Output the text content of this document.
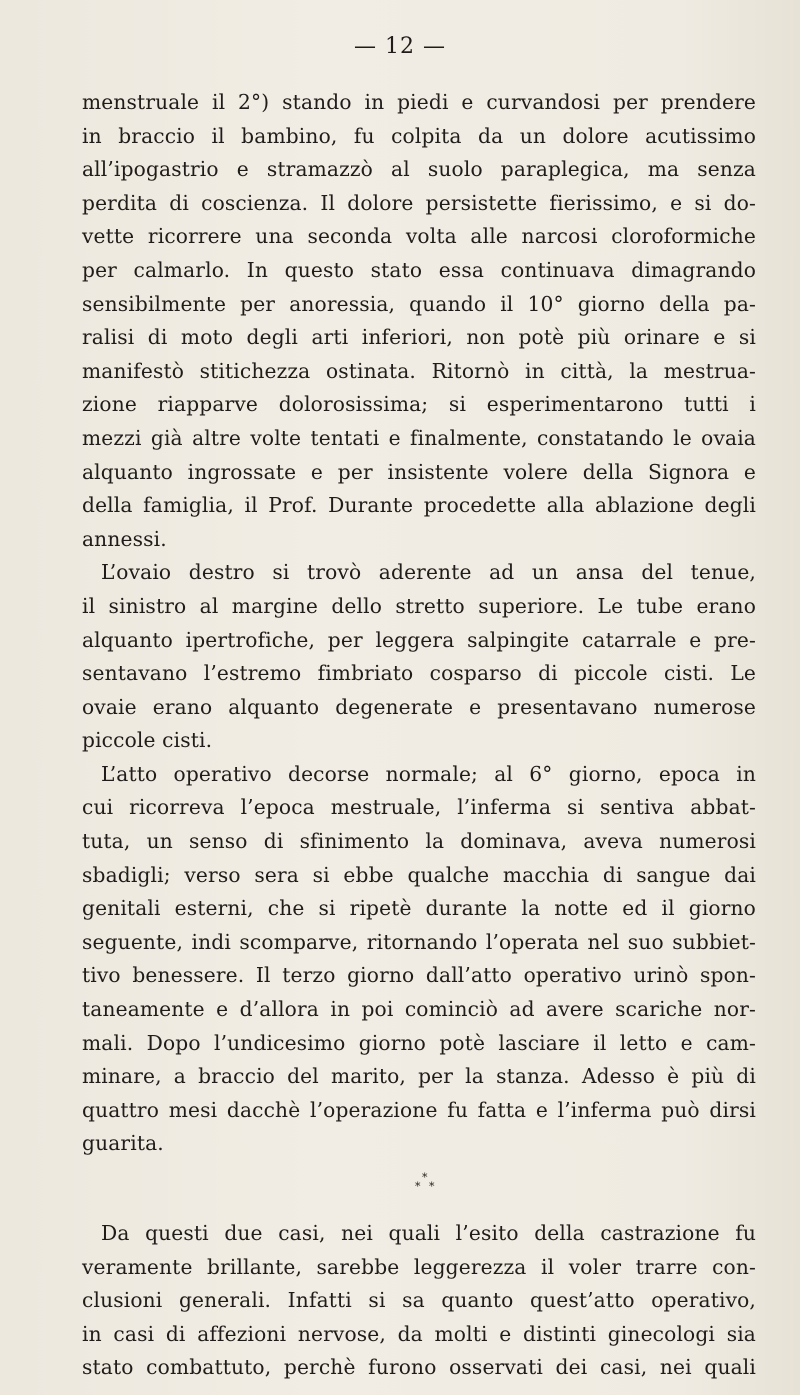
— 12 —
menstruale il 2°) stando in piedi e curvandosi per prendere
in braccio il bambino, fu colpita da un dolore acutissimo
all’ipogastrio e stramazzò al suolo paraplegica, ma senza
perdita di coscienza. Il dolore persistette fierissimo, e si do-
vette ricorrere una seconda volta alle narcosi cloroformiche
per calmarlo. In questo stato essa continuava dimagrando
sensibilmente per anoressia, quando il 10° giorno della pa-
ralisi di moto degli arti inferiori, non potè più orinare e si
manifestò stitichezza ostinata. Ritornò in città, la mestrua-
zione riapparve dolorosissima; si esperimentarono tutti i
mezzi già altre volte tentati e finalmente, constatando le ovaia
alquanto ingrossate e per insistente volere della Signora e
della famiglia, il Prof. Durante procedette alla ablazione degli
annessi.
L’ovaio destro si trovò aderente ad un ansa del tenue,
il sinistro al margine dello stretto superiore. Le tube erano
alquanto ipertrofiche, per leggera salpingite catarrale e pre-
sentavano l’estremo fimbriato cosparso di piccole cisti. Le
ovaie erano alquanto degenerate e presentavano numerose
piccole cisti.
L’atto operativo decorse normale; al 6° giorno, epoca in
cui ricorreva l’epoca mestruale, l’inferma si sentiva abbat-
tuta, un senso di sfinimento la dominava, aveva numerosi
sbadigli; verso sera si ebbe qualche macchia di sangue dai
genitali esterni, che si ripetè durante la notte ed il giorno
seguente, indi scomparve, ritornando l’operata nel suo subbiet-
tivo benessere. Il terzo giorno dall’atto operativo urinò spon-
taneamente e d’allora in poi cominciò ad avere scariche nor-
mali. Dopo l’undicesimo giorno potè lasciare il letto e cam-
minare, a braccio del marito, per la stanza. Adesso è più di
quattro mesi dacchè l’operazione fu fatta e l’inferma può dirsi
guarita.
*
* *
Da questi due casi, nei quali l’esito della castrazione fu
veramente brillante, sarebbe leggerezza il voler trarre con-
clusioni generali. Infatti si sa quanto quest’atto operativo,
in casi di affezioni nervose, da molti e distinti ginecologi sia
stato combattuto, perchè furono osservati dei casi, nei quali
